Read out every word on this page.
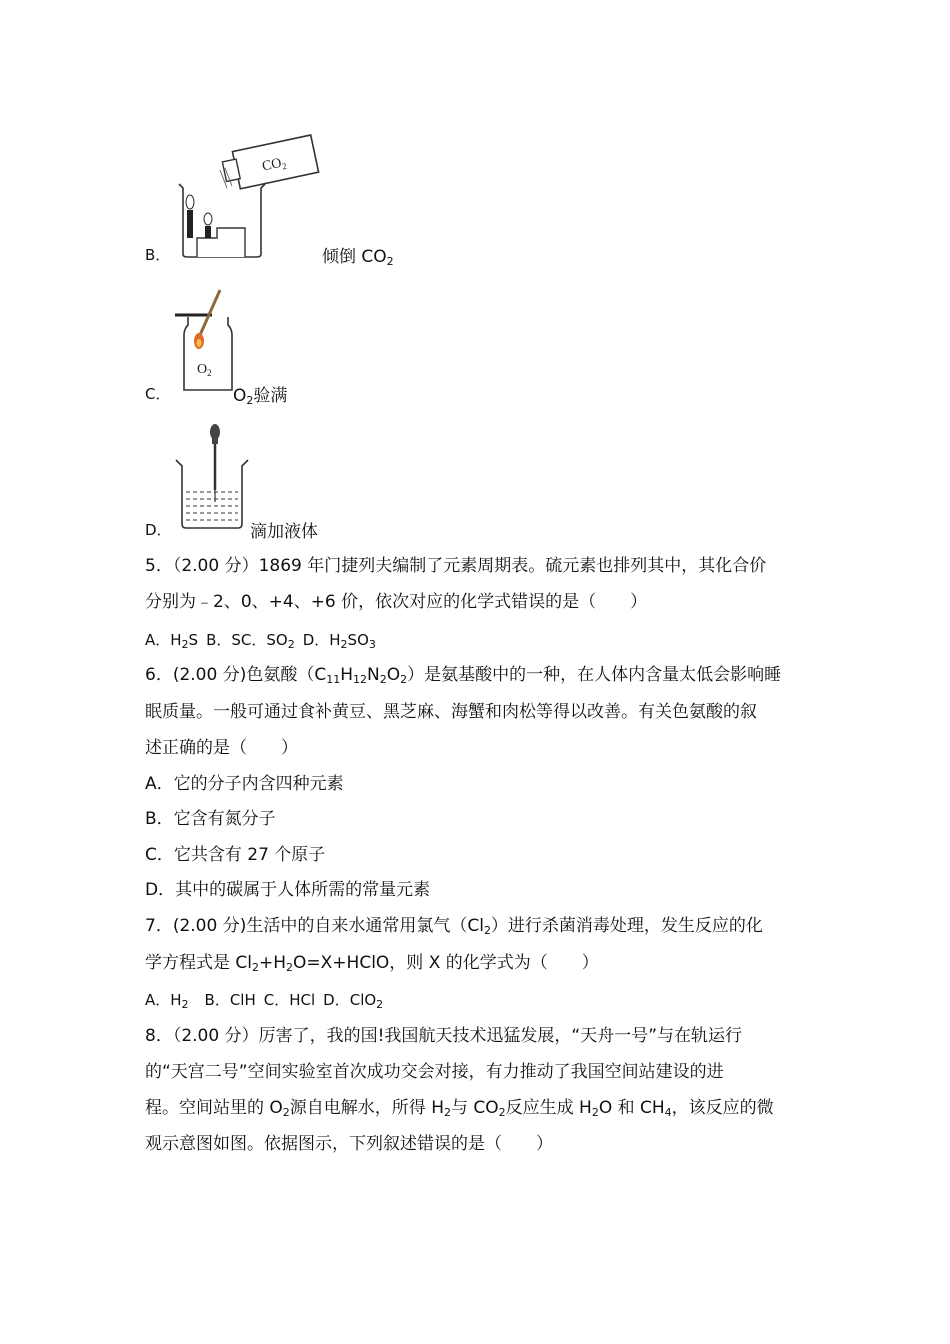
B．
$CO_2$
倾倒 $CO_2$
C．
$O_2$
$O_2$验满
D．	滴加液体
5．（2.00 分）1869 年门捷列夫编制了元素周期表。硫元素也排列其中，其化合价
分别为﹣2、0、+4、+6 价，依次对应的化学式错误的是（　　）
A．$H_2S$ B．SC．$SO_2$ D．$H_2SO_3$
6．(2.00 分)色氨酸$(C_{11}H_{12}N_2O_2)$是氨基酸中的一种，在人体内含量太低会影响睡
眠质量。一般可通过食补黄豆、黑芝麻、海蟹和肉松等得以改善。有关色氨酸的叙
述正确的是（　　）
A．它的分子内含四种元素
B．它含有氮分子
C．它共含有 27 个原子
D．其中的碳属于人体所需的常量元素
7．(2.00 分)生活中的自来水通常用氯气$(Cl_2)$进行杀菌消毒处理，发生反应的化
学方程式是 $Cl_2+H_2O=X+HClO$，则 X 的化学式为（　　）
A．$H_2$ B．ClH C．HCl D．ClO$_2$
8．（2.00 分）厉害了，我的国!我国航天技术迅猛发展，“天舟一号”与在轨运行
的“天宫二号”空间实验室首次成功交会对接，有力推动了我国空间站建设的进
程。空间站里的 $O_2$源自电解水，所得 $H_2$与 $CO_2$反应生成 $H_2O$ 和 $CH_4$，该反应的微
观示意图如图。依据图示，下列叙述错误的是（　　）
